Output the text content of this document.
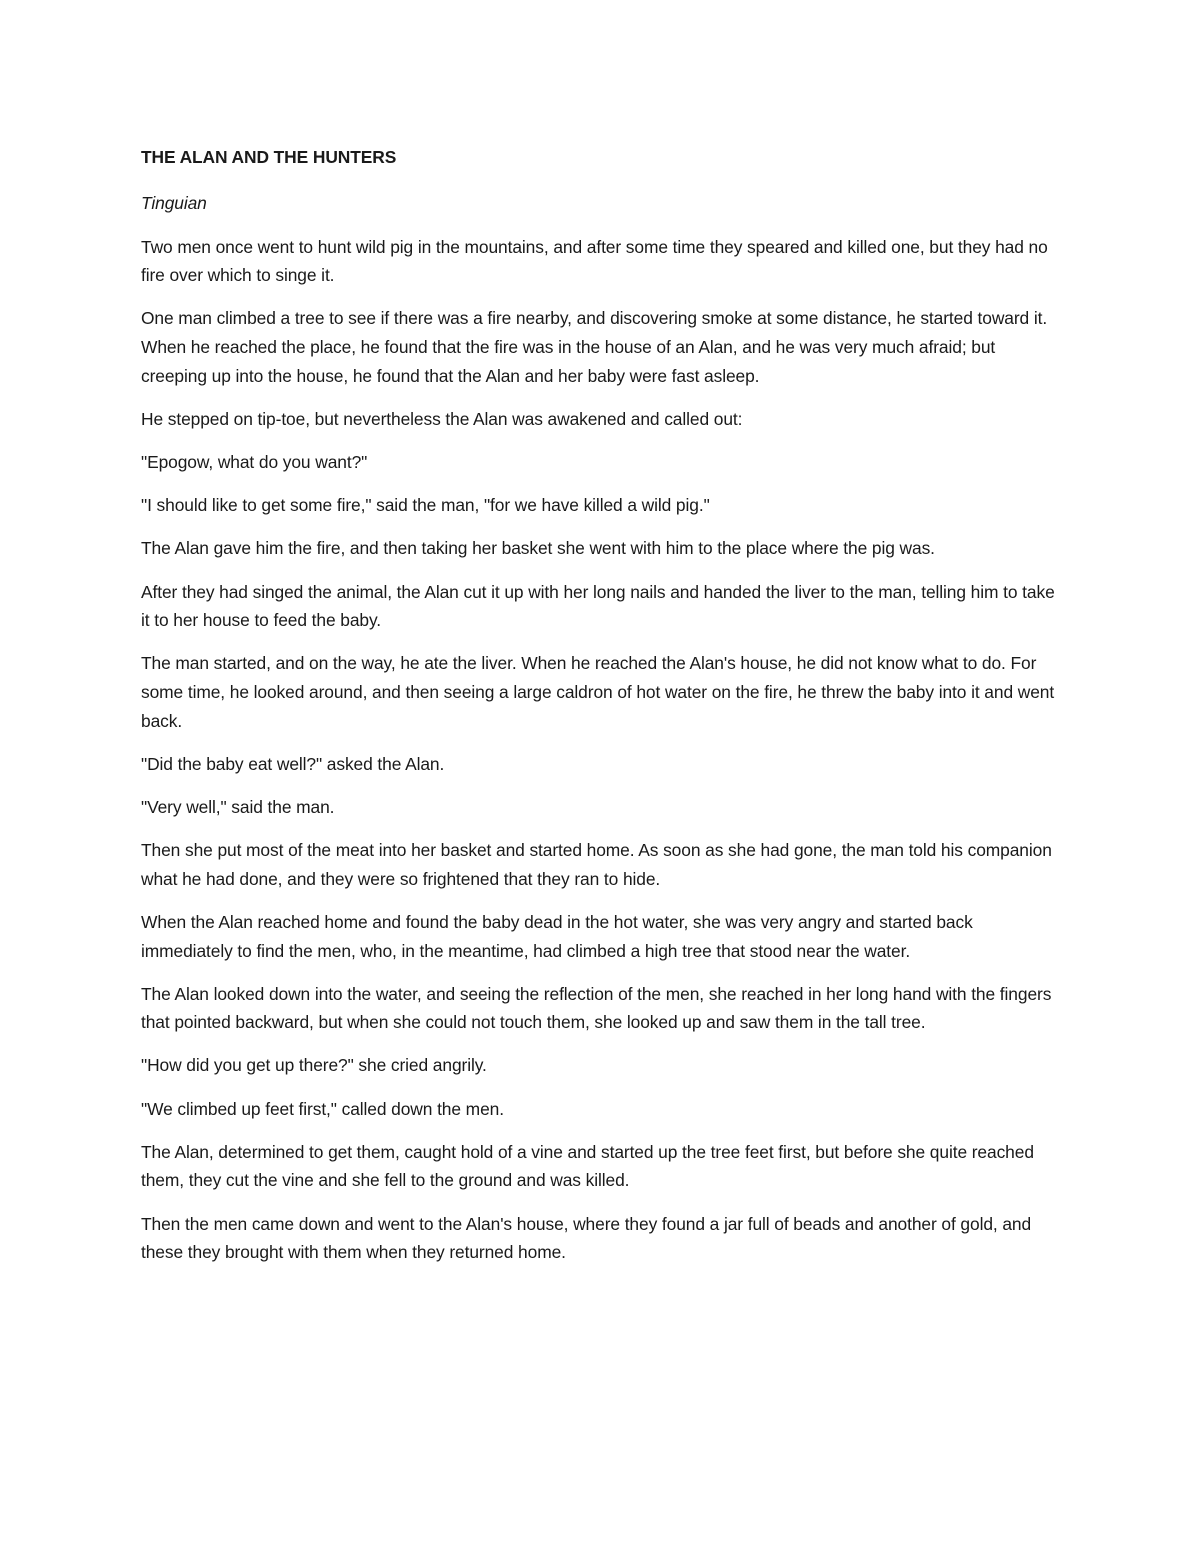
THE ALAN AND THE HUNTERS
Tinguian
Two men once went to hunt wild pig in the mountains, and after some time they speared and killed one, but they had no fire over which to singe it.
One man climbed a tree to see if there was a fire nearby, and discovering smoke at some distance, he started toward it. When he reached the place, he found that the fire was in the house of an Alan, and he was very much afraid; but creeping up into the house, he found that the Alan and her baby were fast asleep.
He stepped on tip-toe, but nevertheless the Alan was awakened and called out:
"Epogow, what do you want?"
"I should like to get some fire," said the man, "for we have killed a wild pig."
The Alan gave him the fire, and then taking her basket she went with him to the place where the pig was.
After they had singed the animal, the Alan cut it up with her long nails and handed the liver to the man, telling him to take it to her house to feed the baby.
The man started, and on the way, he ate the liver. When he reached the Alan's house, he did not know what to do. For some time, he looked around, and then seeing a large caldron of hot water on the fire, he threw the baby into it and went back.
"Did the baby eat well?" asked the Alan.
"Very well," said the man.
Then she put most of the meat into her basket and started home. As soon as she had gone, the man told his companion what he had done, and they were so frightened that they ran to hide.
When the Alan reached home and found the baby dead in the hot water, she was very angry and started back immediately to find the men, who, in the meantime, had climbed a high tree that stood near the water.
The Alan looked down into the water, and seeing the reflection of the men, she reached in her long hand with the fingers that pointed backward, but when she could not touch them, she looked up and saw them in the tall tree.
"How did you get up there?" she cried angrily.
"We climbed up feet first," called down the men.
The Alan, determined to get them, caught hold of a vine and started up the tree feet first, but before she quite reached them, they cut the vine and she fell to the ground and was killed.
Then the men came down and went to the Alan's house, where they found a jar full of beads and another of gold, and these they brought with them when they returned home.
